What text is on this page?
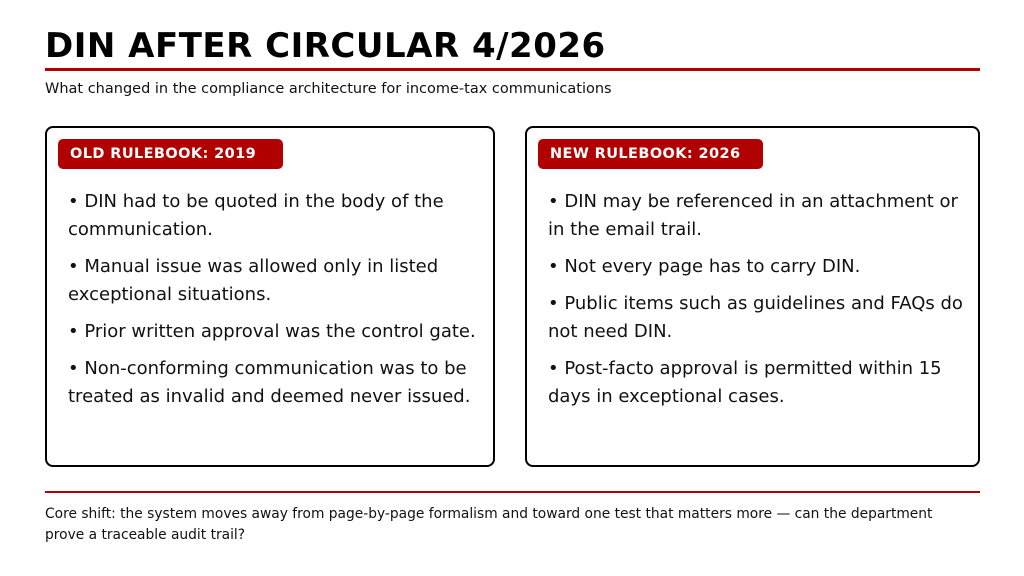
DIN AFTER CIRCULAR 4/2026
What changed in the compliance architecture for income-tax communications
OLD RULEBOOK: 2019
• DIN had to be quoted in the body of the communication.
• Manual issue was allowed only in listed exceptional situations.
• Prior written approval was the control gate.
• Non-conforming communication was to be treated as invalid and deemed never issued.
NEW RULEBOOK: 2026
• DIN may be referenced in an attachment or in the email trail.
• Not every page has to carry DIN.
• Public items such as guidelines and FAQs do not need DIN.
• Post-facto approval is permitted within 15 days in exceptional cases.
Core shift: the system moves away from page-by-page formalism and toward one test that matters more — can the department prove a traceable audit trail?
